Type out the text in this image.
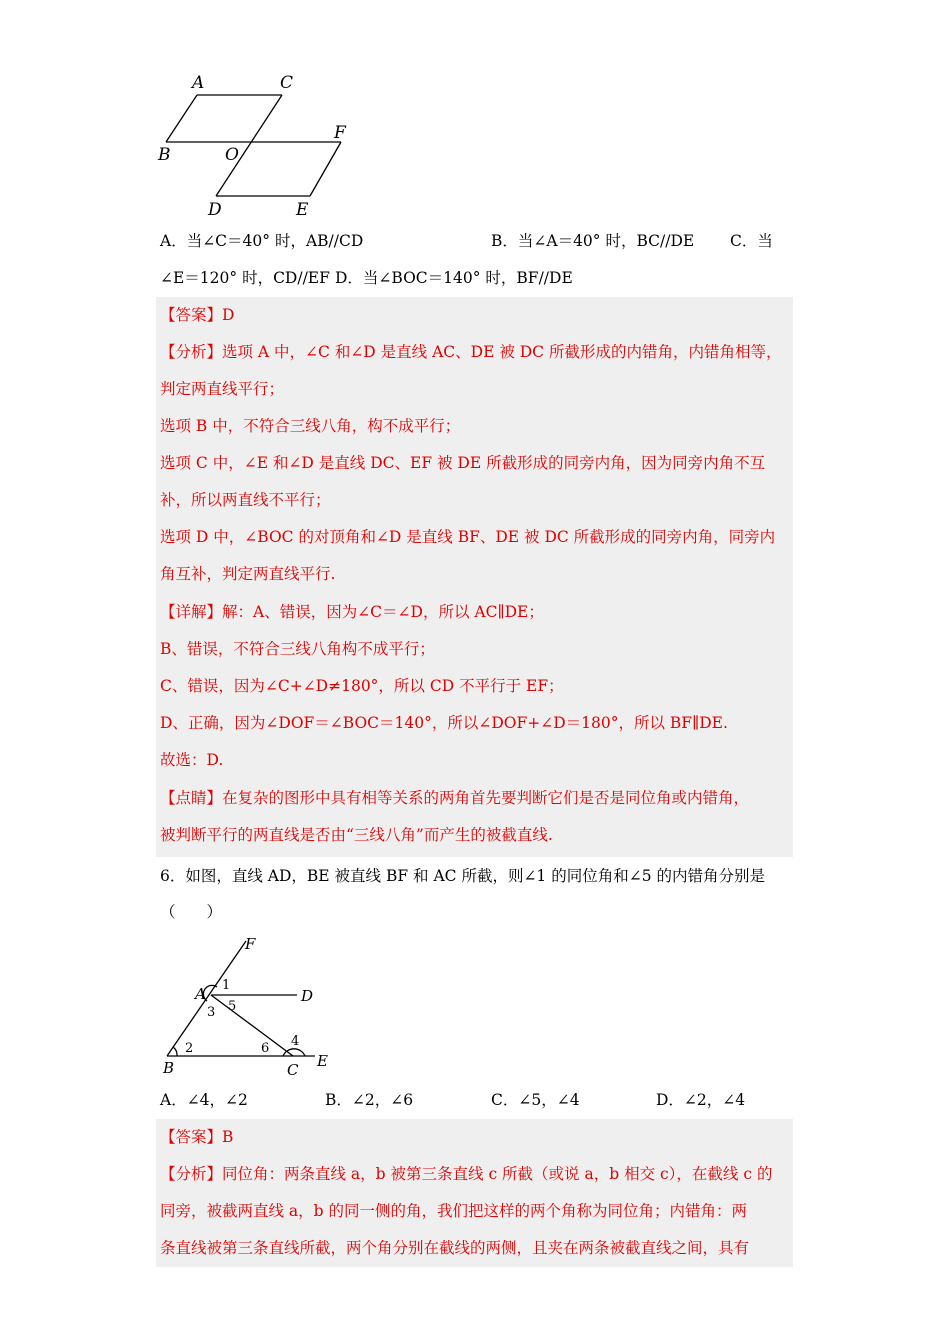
A	C
B	O
F
D	E
A．当∠C＝40° 时，AB//CD	B．当∠A＝40° 时，BC//DE C．当
∠E＝120° 时，CD//EF D．当∠BOC＝140° 时，BF//DE
【答案】D
【分析】选项 A 中，∠C 和∠D 是直线 AC、DE 被 DC 所截形成的内错角，内错角相等，
判定两直线平行；
选项 B 中，不符合三线八角，构不成平行；
选项 C 中，∠E 和∠D 是直线 DC、EF 被 DE 所截形成的同旁内角，因为同旁内角不互
补，所以两直线不平行；
选项 D 中，∠BOC 的对顶角和∠D 是直线 BF、DE 被 DC 所截形成的同旁内角，同旁内
角互补，判定两直线平行.
【详解】解：A、错误，因为∠C＝∠D，所以 AC∥DE；
B、错误，不符合三线八角构不成平行；
C、错误，因为∠C+∠D≠180°，所以 CD 不平行于 EF；
D、正确，因为∠DOF＝∠BOC＝140°，所以∠DOF+∠D＝180°，所以 BF∥DE.
故选：D.
【点睛】在复杂的图形中具有相等关系的两角首先要判断它们是否是同位角或内错角，
被判断平行的两直线是否由“三线八角”而产生的被截直线.
6．如图，直线 AD，BE 被直线 BF 和 AC 所截，则∠1 的同位角和∠5 的内错角分别是
（　　）
F
A 1
D
3 5
2	6 4
B	C E
A．∠4，∠2	B．∠2，∠6	C．∠5，∠4	D．∠2，∠4
【答案】B
【分析】同位角：两条直线 a，b 被第三条直线 c 所截（或说 a，b 相交 c），在截线 c 的
同旁，被截两直线 a，b 的同一侧的角，我们把这样的两个角称为同位角；内错角：两
条直线被第三条直线所截，两个角分别在截线的两侧，且夹在两条被截直线之间，具有
